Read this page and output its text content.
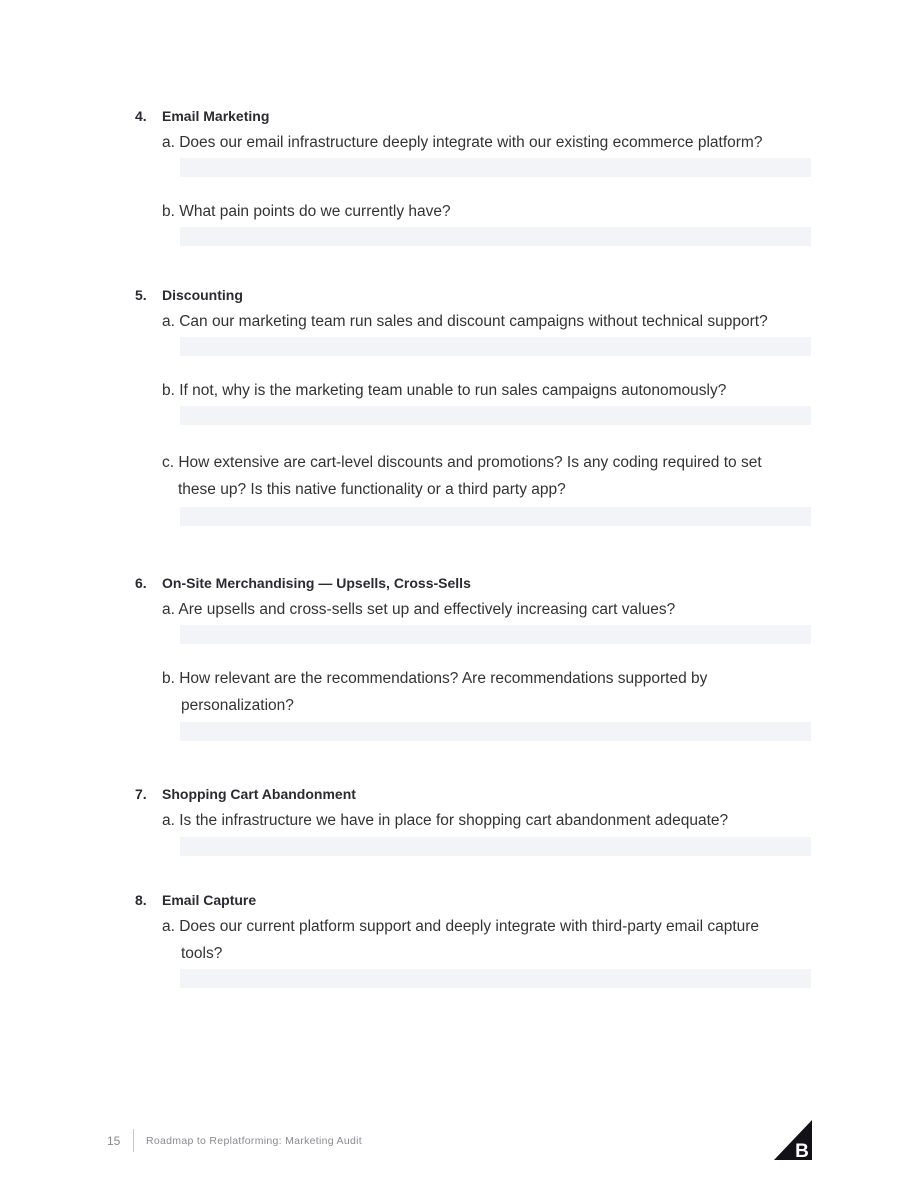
4. Email Marketing
a. Does our email infrastructure deeply integrate with our existing ecommerce platform?
b. What pain points do we currently have?
5. Discounting
a. Can our marketing team run sales and discount campaigns without technical support?
b. If not, why is the marketing team unable to run sales campaigns autonomously?
c. How extensive are cart-level discounts and promotions? Is any coding required to set
these up? Is this native functionality or a third party app?
6. On-Site Merchandising — Upsells, Cross-Sells
a. Are upsells and cross-sells set up and effectively increasing cart values?
b. How relevant are the recommendations? Are recommendations supported by
personalization?
7. Shopping Cart Abandonment
a. Is the infrastructure we have in place for shopping cart abandonment adequate?
8. Email Capture
a. Does our current platform support and deeply integrate with third-party email capture
tools?
15 Roadmap to Replatforming: Marketing Audit	B
